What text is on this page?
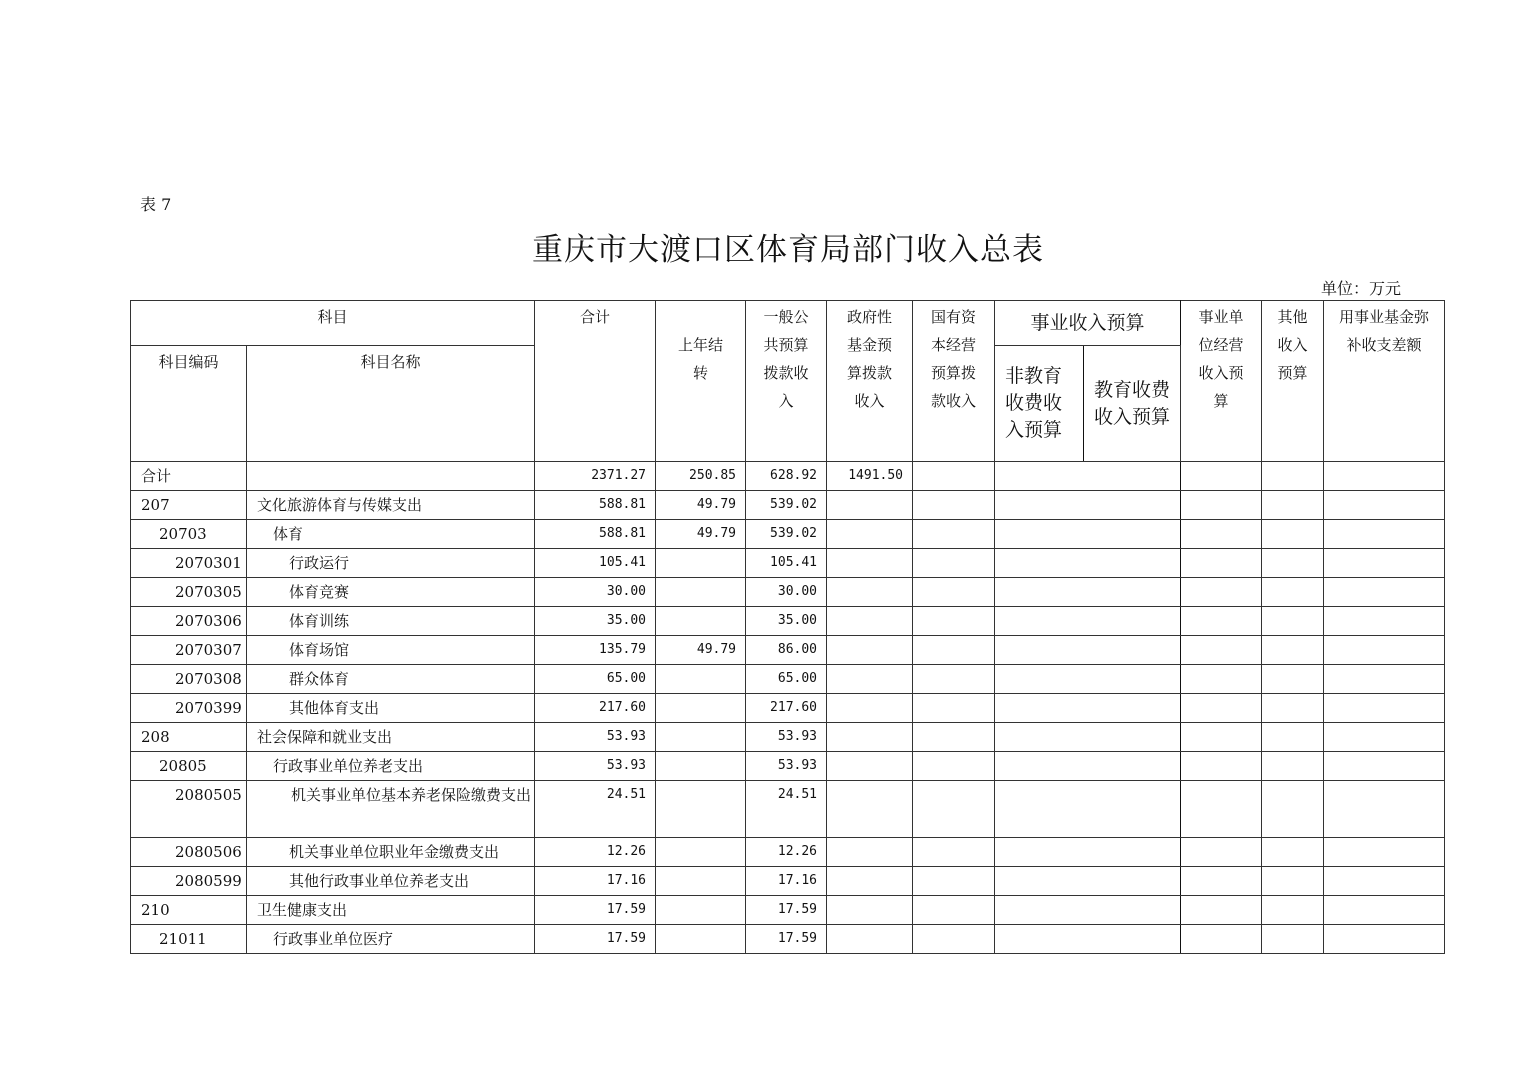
表 7
重庆市大渡口区体育局部门收入总表
单位：万元
科目		合计	上年结转	一般公共预算拨款收入	政府性基金预算拨款收入	国有资本经营预算拨款收入	事业收入预算		事业单位经营收入预算	其他收入预算	用事业基金弥补收支差额

科目编码	科目名称						非教育收费收入预算	教育收费收入预算			

合计		2371.27	250.85	628.92	1491.50						
207	文化旅游体育与传媒支出	588.81	49.79	539.02							
20703	体育	588.81	49.79	539.02							
2070301	行政运行	105.41		105.41							
2070305	体育竞赛	30.00		30.00							
2070306	体育训练	35.00		35.00							
2070307	体育场馆	135.79	49.79	86.00							
2070308	群众体育	65.00		65.00							
2070399	其他体育支出	217.60		217.60							
208	社会保障和就业支出	53.93		53.93							
20805	行政事业单位养老支出	53.93		53.93							
2080505	机关事业单位基本养老保险缴费支出	24.51		24.51							
2080506	机关事业单位职业年金缴费支出	12.26		12.26							
2080599	其他行政事业单位养老支出	17.16		17.16							
210	卫生健康支出	17.59		17.59							
21011	行政事业单位医疗	17.59		17.59							
